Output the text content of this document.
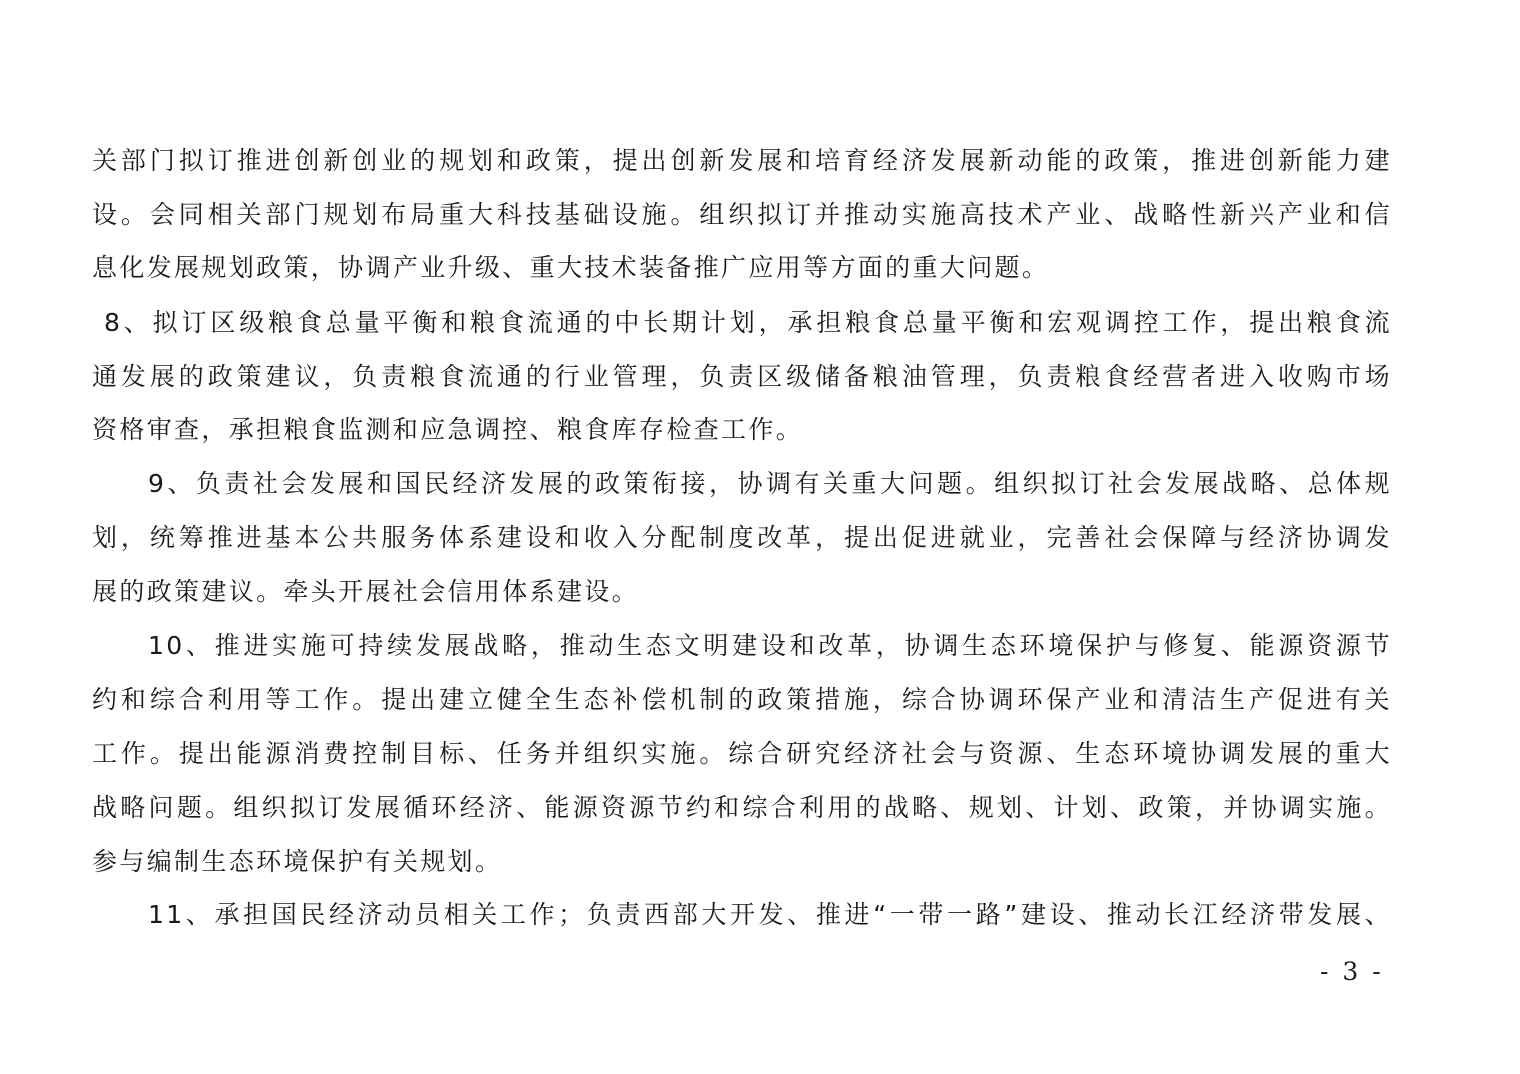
关部门拟订推进创新创业的规划和政策，提出创新发展和培育经济发展新动能的政策，推进创新能力建
设。会同相关部门规划布局重大科技基础设施。组织拟订并推动实施高技术产业、战略性新兴产业和信
息化发展规划政策，协调产业升级、重大技术装备推广应用等方面的重大问题。
8、拟订区级粮食总量平衡和粮食流通的中长期计划，承担粮食总量平衡和宏观调控工作，提出粮食流
通发展的政策建议，负责粮食流通的行业管理，负责区级储备粮油管理，负责粮食经营者进入收购市场
资格审查，承担粮食监测和应急调控、粮食库存检查工作。
9、负责社会发展和国民经济发展的政策衔接，协调有关重大问题。组织拟订社会发展战略、总体规
划，统筹推进基本公共服务体系建设和收入分配制度改革，提出促进就业，完善社会保障与经济协调发
展的政策建议。牵头开展社会信用体系建设。
10、推进实施可持续发展战略，推动生态文明建设和改革，协调生态环境保护与修复、能源资源节
约和综合利用等工作。提出建立健全生态补偿机制的政策措施，综合协调环保产业和清洁生产促进有关
工作。提出能源消费控制目标、任务并组织实施。综合研究经济社会与资源、生态环境协调发展的重大
战略问题。组织拟订发展循环经济、能源资源节约和综合利用的战略、规划、计划、政策，并协调实施。
参与编制生态环境保护有关规划。
11、承担国民经济动员相关工作；负责西部大开发、推进“一带一路”建设、推动长江经济带发展、
- 3 -
